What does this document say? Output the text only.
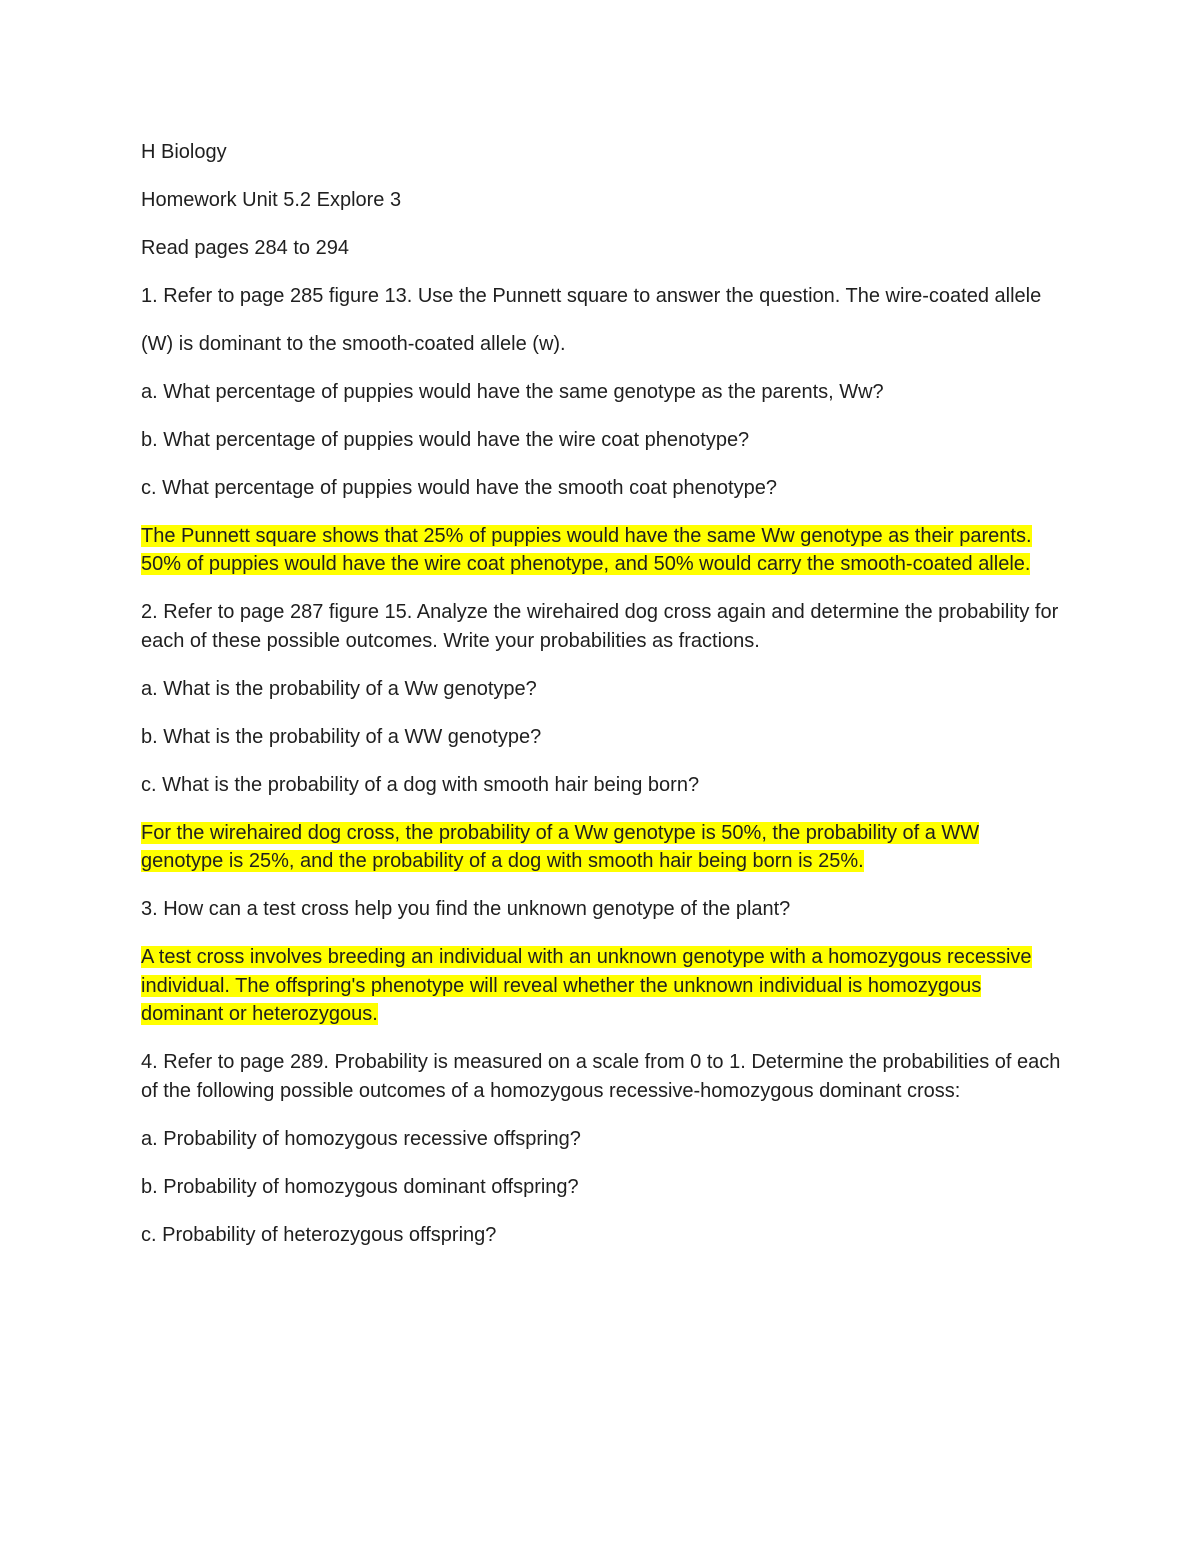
H Biology

Homework Unit 5.2 Explore 3

Read pages 284 to 294

1. Refer to page 285 figure 13. Use the Punnett square to answer the question. The wire-coated allele

(W) is dominant to the smooth-coated allele (w).

a. What percentage of puppies would have the same genotype as the parents, Ww?

b. What percentage of puppies would have the wire coat phenotype?

c. What percentage of puppies would have the smooth coat phenotype?

The Punnett square shows that 25% of puppies would have the same Ww genotype as their parents. 50% of puppies would have the wire coat phenotype, and 50% would carry the smooth-coated allele.

2. Refer to page 287 figure 15. Analyze the wirehaired dog cross again and determine the probability for each of these possible outcomes. Write your probabilities as fractions.

a. What is the probability of a Ww genotype?

b. What is the probability of a WW genotype?

c. What is the probability of a dog with smooth hair being born?

For the wirehaired dog cross, the probability of a Ww genotype is 50%, the probability of a WW genotype is 25%, and the probability of a dog with smooth hair being born is 25%.

3. How can a test cross help you find the unknown genotype of the plant?

A test cross involves breeding an individual with an unknown genotype with a homozygous recessive individual. The offspring's phenotype will reveal whether the unknown individual is homozygous dominant or heterozygous.

4. Refer to page 289. Probability is measured on a scale from 0 to 1. Determine the probabilities of each of the following possible outcomes of a homozygous recessive-homozygous dominant cross:

a. Probability of homozygous recessive offspring?

b. Probability of homozygous dominant offspring?

c. Probability of heterozygous offspring?
